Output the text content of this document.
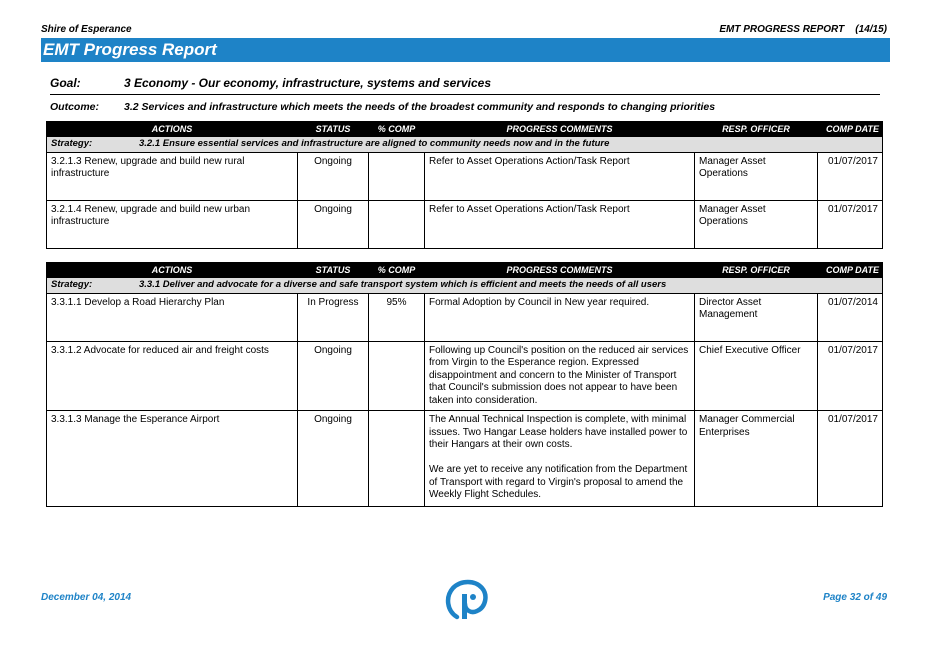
Shire of Esperance	EMT PROGRESS REPORT    (14/15)
EMT Progress Report
Goal:	3 Economy - Our economy, infrastructure, systems and services
Outcome: 3.2 Services and infrastructure which meets the needs of the broadest community and responds to changing priorities
ACTIONS	STATUS	% COMP	PROGRESS COMMENTS	RESP. OFFICER	COMP DATE
Strategy: 3.2.1 Ensure essential services and infrastructure are aligned to community needs now and in the future					
3.2.1.3 Renew, upgrade and build new rural infrastructure	Ongoing		Refer to Asset Operations Action/Task Report	Manager Asset Operations	01/07/2017
3.2.1.4 Renew, upgrade and build new urban infrastructure	Ongoing		Refer to Asset Operations Action/Task Report	Manager Asset Operations	01/07/2017
ACTIONS	STATUS	% COMP	PROGRESS COMMENTS	RESP. OFFICER	COMP DATE
Strategy: 3.3.1 Deliver and advocate for a diverse and safe transport system which is efficient and meets the needs of all users					
3.3.1.1 Develop a Road Hierarchy Plan	In Progress	95%	Formal Adoption by Council in New year required.	Director Asset Management	01/07/2014
3.3.1.2 Advocate for reduced air and freight costs	Ongoing		Following up Council's position on the reduced air services from Virgin to the Esperance region. Expressed disappointment and concern to the Minister of Transport that Council's submission does not appear to have been taken into consideration.	Chief Executive Officer	01/07/2017
3.3.1.3 Manage the Esperance Airport	Ongoing		The Annual Technical Inspection is complete, with minimal issues. Two Hangar Lease holders have installed power to their Hangars at their own costs.
We are yet to receive any notification from the Department of Transport with regard to Virgin's proposal to amend the Weekly Flight Schedules.	Manager Commercial Enterprises	01/07/2017
December 04, 2014	Page 32 of 49
